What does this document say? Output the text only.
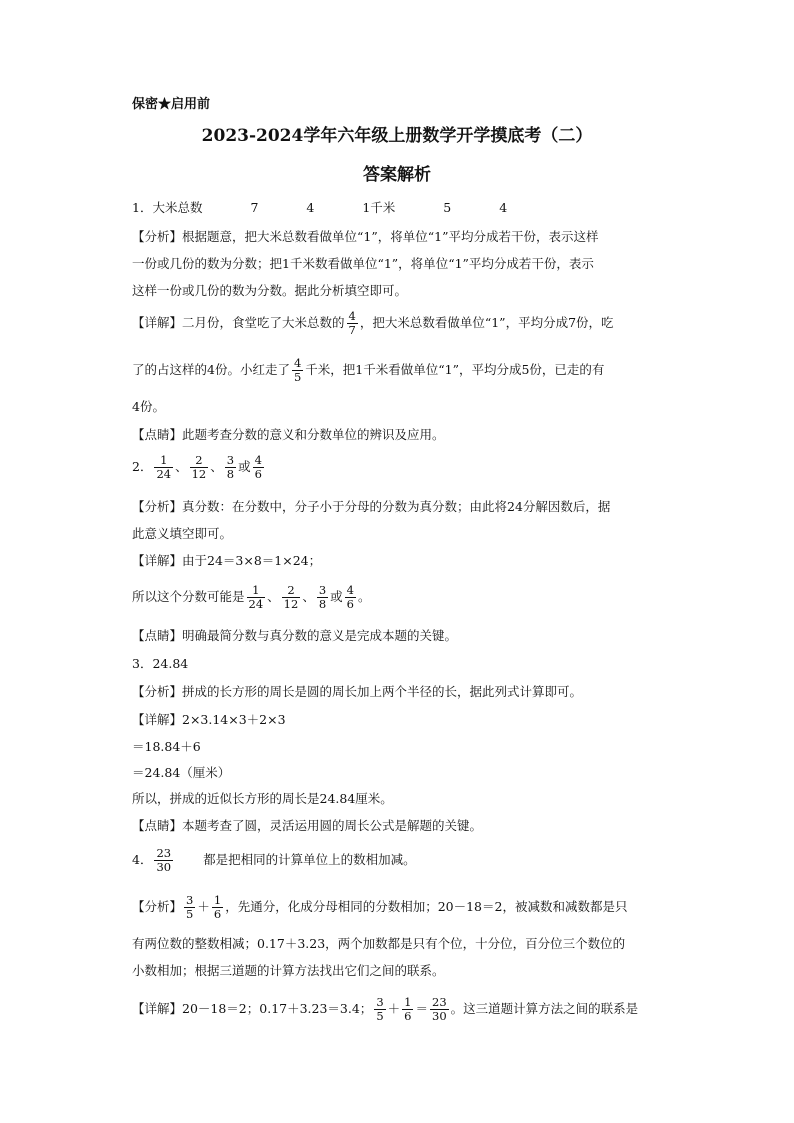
保密★启用前
2023-2024学年六年级上册数学开学摸底考（二）
答案解析
1．大米总数	7	4	1千米	5	4
【分析】根据题意，把大米总数看做单位“1”，将单位“1”平均分成若干份，表示这样
一份或几份的数为分数；把1千米数看做单位“1”，将单位“1”平均分成若干份，表示
这样一份或几份的数为分数。据此分析填空即可。
【详解】二月份，食堂吃了大米总数的 $\frac{4}{7}$ ，把大米总数看做单位“1”，平均分成7份，吃
了的占这样的4份。小红走了 $\frac{4}{5}$ 千米，把1千米看做单位“1”，平均分成5份，已走的有
4份。
【点睛】此题考查分数的意义和分数单位的辨识及应用。
2． $\frac{1}{24}$ 、 $\frac{2}{12}$ 、 $\frac{3}{8}$ 或 $\frac{4}{6}$
【分析】真分数：在分数中，分子小于分母的分数为真分数；由此将24分解因数后，据
此意义填空即可。
【详解】由于24＝3×8＝1×24；
所以这个分数可能是 $\frac{1}{24}$ 、 $\frac{2}{12}$ 、 $\frac{3}{8}$ 或 $\frac{4}{6}$ 。
【点睛】明确最简分数与真分数的意义是完成本题的关键。
3．24.84
【分析】拼成的长方形的周长是圆的周长加上两个半径的长，据此列式计算即可。
【详解】2×3.14×3＋2×3
＝18.84＋6
＝24.84（厘米）
所以，拼成的近似长方形的周长是24.84厘米。
【点睛】本题考查了圆，灵活运用圆的周长公式是解题的关键。
4． $\frac{23}{30}$ 都是把相同的计算单位上的数相加减。
【分析】 $\frac{3}{5} + \frac{1}{6}$ ，先通分，化成分母相同的分数相加；20－18＝2，被减数和减数都是只
有两位数的整数相减；0.17＋3.23，两个加数都是只有个位，十分位，百分位三个数位的
小数相加；根据三道题的计算方法找出它们之间的联系。
【详解】20－18＝2；0.17＋3.23＝3.4； $\frac{3}{5} + \frac{1}{6} = \frac{23}{30}$ 。这三道题计算方法之间的联系是
